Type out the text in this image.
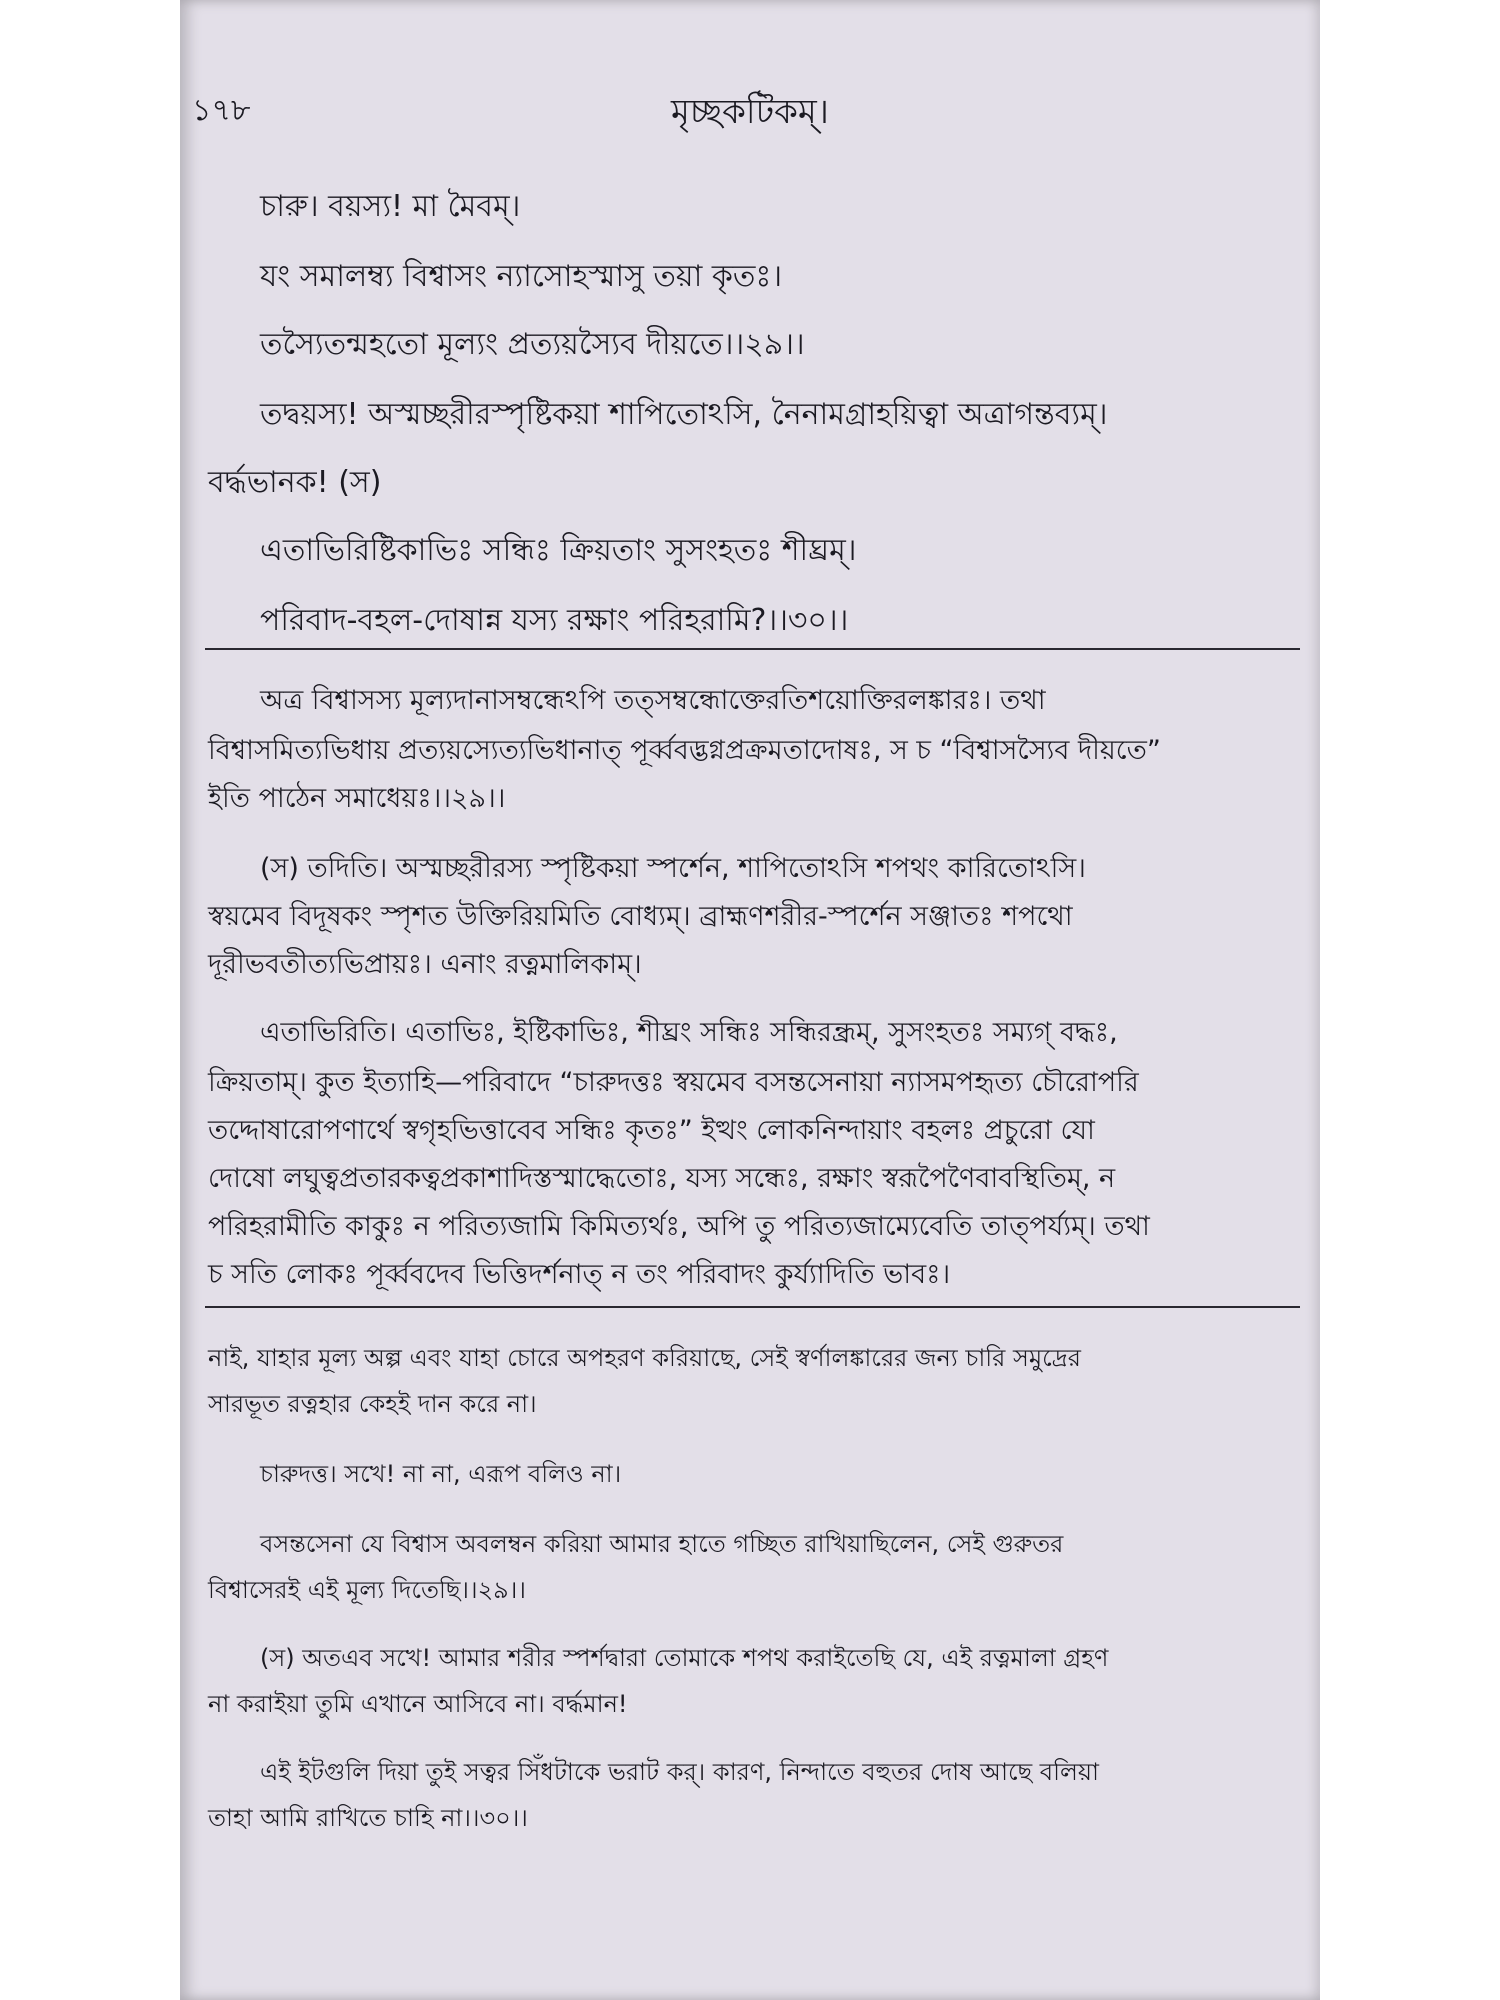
১৭৮	মৃচ্ছকটিকম্।
চারু। বয়স্য! মা মৈবম্।
যং সমালম্ব্য বিশ্বাসং ন্যাসোহস্মাসু তয়া কৃতঃ।
তস্যৈতন্মহতো মূল্যং প্রত্যয়স্যৈব দীয়তে।।২৯।।
তদ্বয়স্য! অস্মচ্ছরীরস্পৃষ্টিকয়া শাপিতোঽসি, নৈনামগ্রাহয়িত্বা অত্রাগন্তব্যম্।
বৰ্দ্ধভানক! (স)
এতাভিরিষ্টিকাভিঃ সন্ধিঃ ক্রিয়তাং সুসংহতঃ শীঘ্রম্।
পরিবাদ-বহল-দোষান্ন যস্য রক্ষাং পরিহরামি?।।৩০।।
অত্র বিশ্বাসস্য মূল্যদানাসম্বন্ধেঽপি তত্সম্বন্ধোক্তেরতিশয়োক্তিরলঙ্কারঃ। তথা
বিশ্বাসমিত্যভিধায় প্রত্যয়স্যেত্যভিধানাত্ পূর্ব্ববদ্ভগ্নপ্রক্রমতাদোষঃ, স চ “বিশ্বাসস্যৈব দীয়তে”
ইতি পাঠেন সমাধেয়ঃ।।২৯।।
(স) তদিতি। অস্মচ্ছরীরস্য স্পৃষ্টিকয়া স্পর্শেন, শাপিতোঽসি শপথং কারিতোঽসি।
স্বয়মেব বিদূষকং স্পৃশত উক্তিরিয়মিতি বোধ্যম্। ব্রাহ্মণশরীর-স্পর্শেন সঞ্জাতঃ শপথো
দূরীভবতীত্যভিপ্রায়ঃ। এনাং রত্নমালিকাম্।
এতাভিরিতি। এতাভিঃ, ইষ্টিকাভিঃ, শীঘ্রং সন্ধিঃ সন্ধিরন্ধ্রম্, সুসংহতঃ সম্যগ্ বদ্ধঃ,
ক্রিয়তাম্। কুত ইত্যাহি—পরিবাদে “চারুদত্তঃ স্বয়মেব বসন্তসেনায়া ন্যাসমপহৃত্য চৌরোপরি
তদ্দোষারোপণার্থে স্বগৃহভিত্তাবেব সন্ধিঃ কৃতঃ” ইত্থং লোকনিন্দায়াং বহলঃ প্রচুরো যো
দোষো লঘুত্বপ্রতারকত্বপ্রকাশাদিস্তস্মাদ্ধেতোঃ, যস্য সন্ধেঃ, রক্ষাং স্বরূপৈণৈবাবস্থিতিম্, ন
পরিহরামীতি কাকুঃ ন পরিত্যজামি কিমিত্যর্থঃ, অপি তু পরিত্যজাম্যেবেতি তাত্পর্য্যম্। তথা
চ সতি লোকঃ পূর্ব্ববদেব ভিত্তিদর্শনাত্ ন তং পরিবাদং কুর্য্যাদিতি ভাবঃ।
নাই, যাহার মূল্য অল্প এবং যাহা চোরে অপহরণ করিয়াছে, সেই স্বর্ণালঙ্কারের জন্য চারি সমুদ্রের
সারভূত রত্নহার কেহই দান করে না।
চারুদত্ত। সখে! না না, এরূপ বলিও না।
বসন্তসেনা যে বিশ্বাস অবলম্বন করিয়া আমার হাতে গচ্ছিত রাখিয়াছিলেন, সেই গুরুতর
বিশ্বাসেরই এই মূল্য দিতেছি।।২৯।।
(স) অতএব সখে! আমার শরীর স্পর্শদ্বারা তোমাকে শপথ করাইতেছি যে, এই রত্নমালা গ্রহণ
না করাইয়া তুমি এখানে আসিবে না। বৰ্দ্ধমান!
এই ইটগুলি দিয়া তুই সত্বর সিঁধটাকে ভরাট কর্। কারণ, নিন্দাতে বহুতর দোষ আছে বলিয়া
তাহা আমি রাখিতে চাহি না।।৩০।।
